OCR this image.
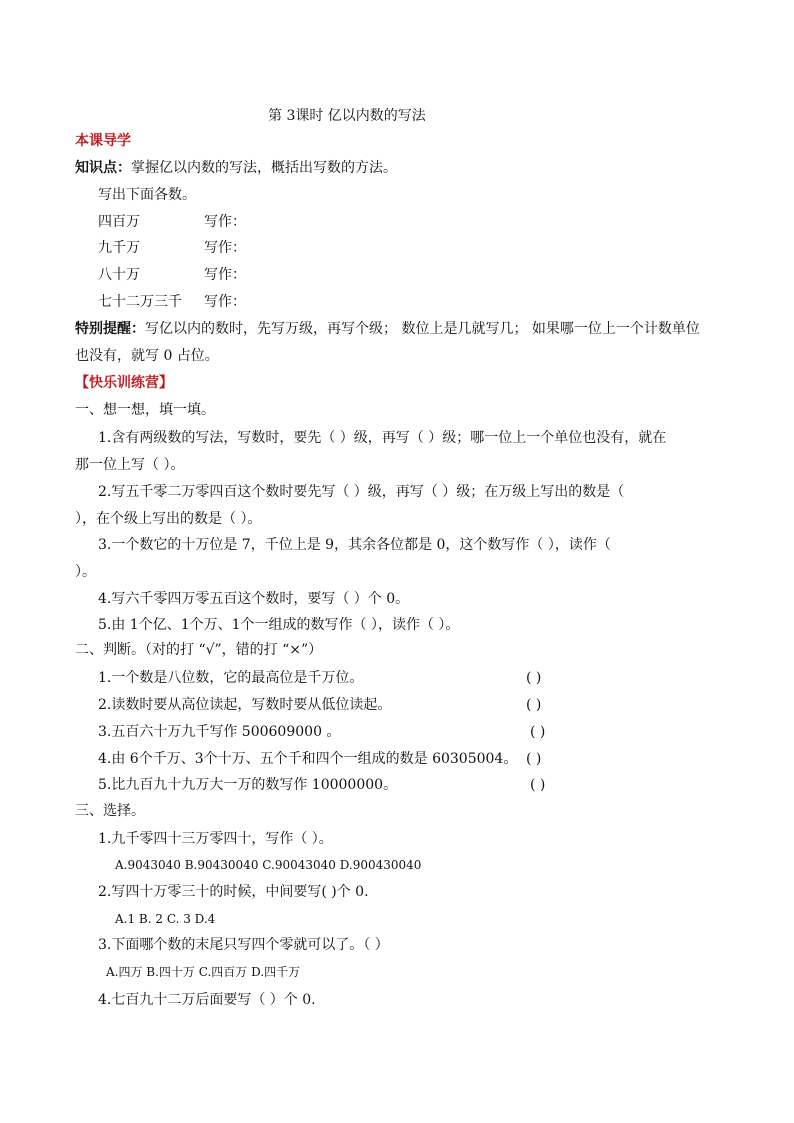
第 3课时 亿以内数的写法
本课导学
知识点：掌握亿以内数的写法，概括出写数的方法。
写出下面各数。
四百万	写作：
九千万	写作：
八十万	写作：
七十二万三千 写作：
特别提醒：写亿以内的数时，先写万级，再写个级； 数位上是几就写几； 如果哪一位上一个计数单位
也没有，就写 0 占位。
【快乐训练营】
一、想一想，填一填。
1.含有两级数的写法，写数时，要先（ ）级，再写（ ）级；哪一位上一个单位也没有，就在
那一位上写（ ）。
2.写五千零二万零四百这个数时要先写（ ）级，再写（ ）级；在万级上写出的数是（
），在个级上写出的数是（ ）。
3.一个数它的十万位是 7，千位上是 9，其余各位都是 0，这个数写作（ ），读作（
）。
4.写六千零四万零五百这个数时，要写（ ）个 0。
5.由 1个亿、1个万、1个一组成的数写作（ ），读作（ ）。
二、判断。（对的打 “√”，错的打 “×”）
1.一个数是八位数，它的最高位是千万位。	( )
2.读数时要从高位读起，写数时要从低位读起。	( )
3.五百六十万九千写作 500609000 。	( )
4.由 6个千万、3个十万、五个千和四个一组成的数是 60305004。 ( )
5.比九百九十九万大一万的数写作 10000000。	( )
三、选择。
1.九千零四十三万零四十，写作（ ）。
A.9043040 B.90430040 C.90043040 D.900430040
2.写四十万零三十的时候，中间要写( )个 0.
A.1 B. 2 C. 3 D.4
3.下面哪个数的末尾只写四个零就可以了。（ ）
A.四万 B.四十万 C.四百万 D.四千万
4.七百九十二万后面要写（ ）个 0.
